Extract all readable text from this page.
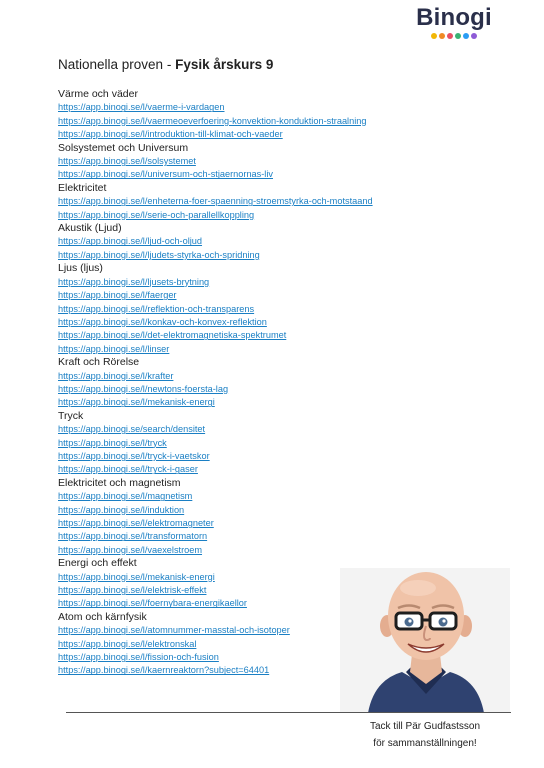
Binogi
Nationella proven - Fysik årskurs 9
Värme och väder
https://app.binogi.se/l/vaerme-i-vardagen
https://app.binogi.se/l/vaermeoeverfoering-konvektion-konduktion-straalning
https://app.binogi.se/l/introduktion-till-klimat-och-vaeder
Solsystemet och Universum
https://app.binogi.se/l/solsystemet
https://app.binogi.se/l/universum-och-stjaernornas-liv
Elektricitet
https://app.binogi.se/l/enheterna-foer-spaenning-stroemstyrka-och-motstaand
https://app.binogi.se/l/serie-och-parallellkoppling
Akustik (Ljud)
https://app.binogi.se/l/ljud-och-oljud
https://app.binogi.se/l/ljudets-styrka-och-spridning
Ljus (ljus)
https://app.binogi.se/l/ljusets-brytning
https://app.binogi.se/l/faerger
https://app.binogi.se/l/reflektion-och-transparens
https://app.binogi.se/l/konkav-och-konvex-reflektion
https://app.binogi.se/l/det-elektromagnetiska-spektrumet
https://app.binogi.se/l/linser
Kraft och Rörelse
https://app.binogi.se/l/krafter
https://app.binogi.se/l/newtons-foersta-lag
https://app.binogi.se/l/mekanisk-energi
Tryck
https://app.binogi.se/search/densitet
https://app.binogi.se/l/tryck
https://app.binogi.se/l/tryck-i-vaetskor
https://app.binogi.se/l/tryck-i-gaser
Elektricitet och magnetism
https://app.binogi.se/l/magnetism
https://app.binogi.se/l/induktion
https://app.binogi.se/l/elektromagneter
https://app.binogi.se/l/transformatorn
https://app.binogi.se/l/vaexelstroem
Energi och effekt
https://app.binogi.se/l/mekanisk-energi
https://app.binogi.se/l/elektrisk-effekt
https://app.binogi.se/l/foernybara-energikaellor
Atom och kärnfysik
https://app.binogi.se/l/atomnummer-masstal-och-isotoper
https://app.binogi.se/l/elektronskal
https://app.binogi.se/l/fission-och-fusion
https://app.binogi.se/l/kaernreaktorn?subject=64401
Tack till Pär Gudfastsson
för sammanställningen!
